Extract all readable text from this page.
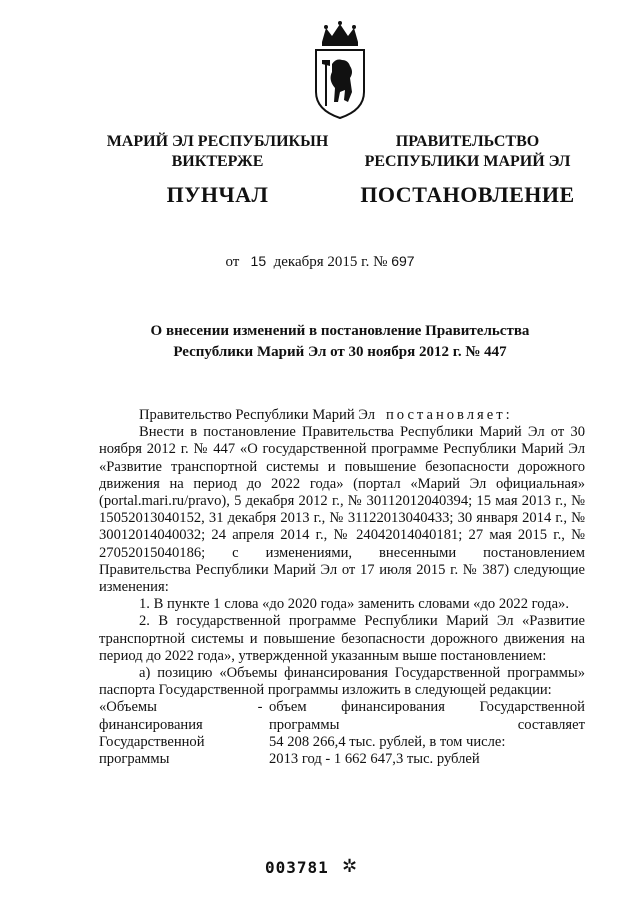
МАРИЙ ЭЛ РЕСПУБЛИКЫН
ВИКТЕРЖЕ
ПУНЧАЛ
ПРАВИТЕЛЬСТВО
РЕСПУБЛИКИ МАРИЙ ЭЛ
ПОСТАНОВЛЕНИЕ
от 15 декабря 2015 г. № 697
О внесении изменений в постановление Правительства
Республики Марий Эл от 30 ноября 2012 г. № 447

Правительство Республики Марий Эл постановляет:

Внести в постановление Правительства Республики Марий Эл от 30 ноября 2012 г. № 447 «О государственной программе Республики Марий Эл «Развитие транспортной системы и повышение безопасности дорожного движения на период до 2022 года» (портал «Марий Эл официальная» (portal.mari.ru/pravo), 5 декабря 2012 г., № 30112012040394; 15 мая 2013 г., № 15052013040152, 31 декабря 2013 г., № 31122013040433; 30 января 2014 г., № 30012014040032; 24 апреля 2014 г., № 24042014040181; 27 мая 2015 г., № 27052015040186; с изменениями, внесенными постановлением Правительства Республики Марий Эл от 17 июля 2015 г. № 387) следующие изменения:

1. В пункте 1 слова «до 2020 года» заменить словами «до 2022 года».

2. В государственной программе Республики Марий Эл «Развитие транспортной системы и повышение безопасности дорожного движения на период до 2022 года», утвержденной указанным выше постановлением:

а) позицию «Объемы финансирования Государственной программы» паспорта Государственной программы изложить в следующей редакции:

«Объемы	- объем финансирования Государственной
финансирования	программы составляет
Государственной	54 208 266,4 тыс. рублей, в том числе:
программы	2013 год - 1 662 647,3 тыс. рублей
003781 ✲
